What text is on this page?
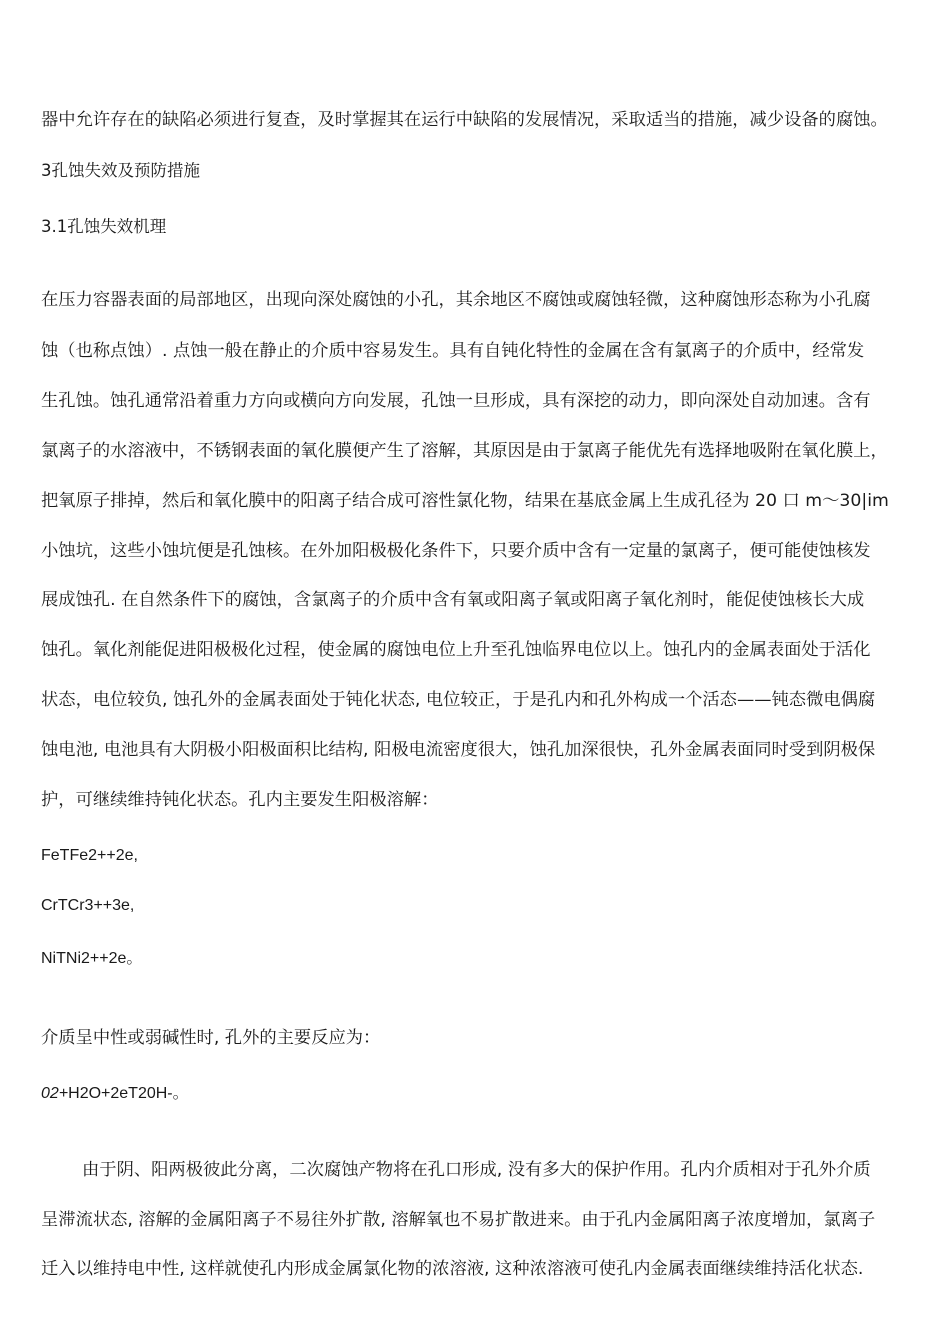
器中允许存在的缺陷必须进行复查，及时掌握其在运行中缺陷的发展情况，采取适当的措施，减少设备的腐蚀。
3孔蚀失效及预防措施
3.1孔蚀失效机理
在压力容器表面的局部地区，出现向深处腐蚀的小孔，其余地区不腐蚀或腐蚀轻微，这种腐蚀形态称为小孔腐
蚀（也称点蚀）. 点蚀一般在静止的介质中容易发生。具有自钝化特性的金属在含有氯离子的介质中，经常发
生孔蚀。蚀孔通常沿着重力方向或横向方向发展，孔蚀一旦形成，具有深挖的动力，即向深处自动加速。含有
氯离子的水溶液中，不锈钢表面的氧化膜便产生了溶解，其原因是由于氯离子能优先有选择地吸附在氧化膜上，
把氧原子排掉，然后和氧化膜中的阳离子结合成可溶性氯化物，结果在基底金属上生成孔径为 20 口 m〜30|im
小蚀坑，这些小蚀坑便是孔蚀核。在外加阳极极化条件下，只要介质中含有一定量的氯离子，便可能使蚀核发
展成蚀孔. 在自然条件下的腐蚀，含氯离子的介质中含有氧或阳离子氧或阳离子氧化剂时，能促使蚀核长大成
蚀孔。氧化剂能促进阳极极化过程，使金属的腐蚀电位上升至孔蚀临界电位以上。蚀孔内的金属表面处于活化
状态，电位较负, 蚀孔外的金属表面处于钝化状态, 电位较正，于是孔内和孔外构成一个活态——钝态微电偶腐
蚀电池, 电池具有大阴极小阳极面积比结构, 阳极电流密度很大，蚀孔加深很快，孔外金属表面同时受到阴极保
护，可继续维持钝化状态。孔内主要发生阳极溶解：
FeTFe2++2e,
CrTCr3++3e,
NiTNi2++2e。
介质呈中性或弱碱性时, 孔外的主要反应为：
02+H2O+2eT20H-。
由于阴、阳两极彼此分离，二次腐蚀产物将在孔口形成, 没有多大的保护作用。孔内介质相对于孔外介质
呈滞流状态, 溶解的金属阳离子不易往外扩散, 溶解氧也不易扩散进来。由于孔内金属阳离子浓度增加，氯离子
迁入以维持电中性, 这样就使孔内形成金属氯化物的浓溶液, 这种浓溶液可使孔内金属表面继续维持活化状态.
